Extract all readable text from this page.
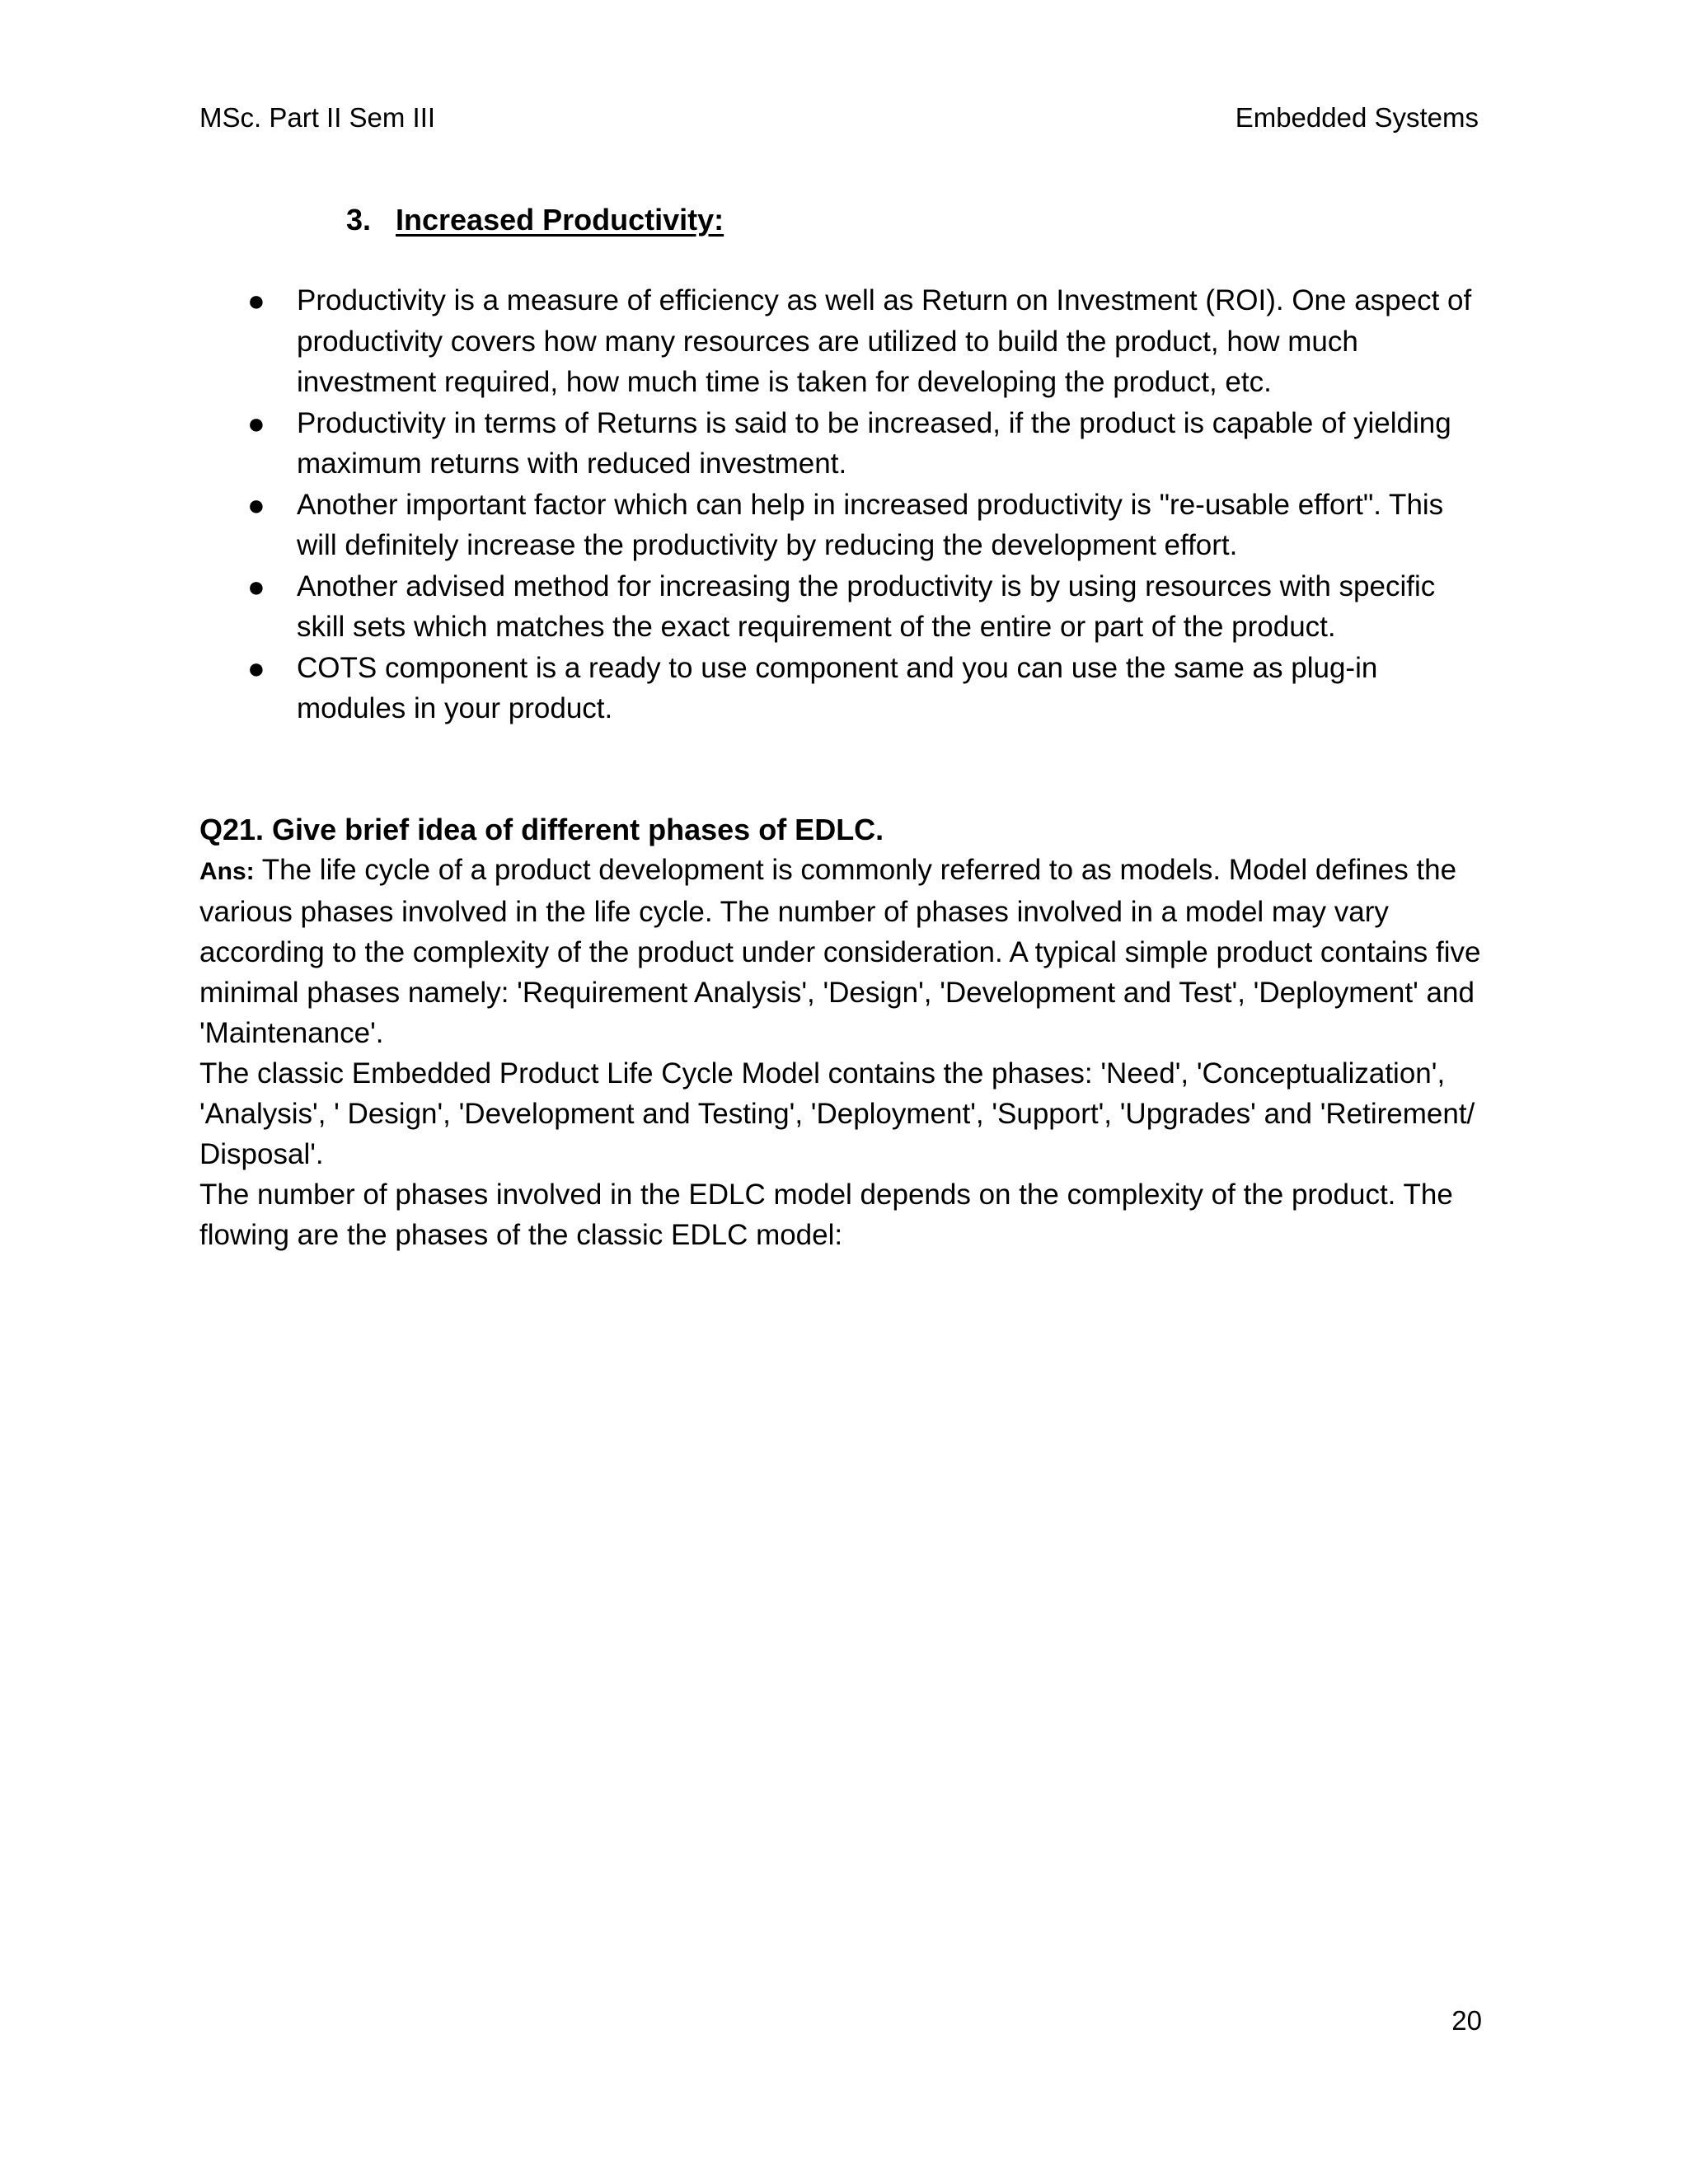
MSc. Part II Sem III	Embedded Systems
3. Increased Productivity:
● Productivity is a measure of efficiency as well as Return on Investment (ROI). One aspect of productivity covers how many resources are utilized to build the product, how much investment required, how much time is taken for developing the product, etc.
● Productivity in terms of Returns is said to be increased, if the product is capable of yielding maximum returns with reduced investment.
● Another important factor which can help in increased productivity is "re-usable effort". This will definitely increase the productivity by reducing the development effort.
● Another advised method for increasing the productivity is by using resources with specific skill sets which matches the exact requirement of the entire or part of the product.
● COTS component is a ready to use component and you can use the same as plug-in modules in your product.

Q21. Give brief idea of different phases of EDLC.

Ans: The life cycle of a product development is commonly referred to as models. Model defines the various phases involved in the life cycle. The number of phases involved in a model may vary according to the complexity of the product under consideration. A typical simple product contains five minimal phases namely: 'Requirement Analysis', 'Design', 'Development and Test', 'Deployment' and 'Maintenance'.

The classic Embedded Product Life Cycle Model contains the phases: 'Need', 'Conceptualization', 'Analysis', ' Design', 'Development and Testing', 'Deployment', 'Support', 'Upgrades' and 'Retirement/ Disposal'.

The number of phases involved in the EDLC model depends on the complexity of the product. The flowing are the phases of the classic EDLC model:

20
